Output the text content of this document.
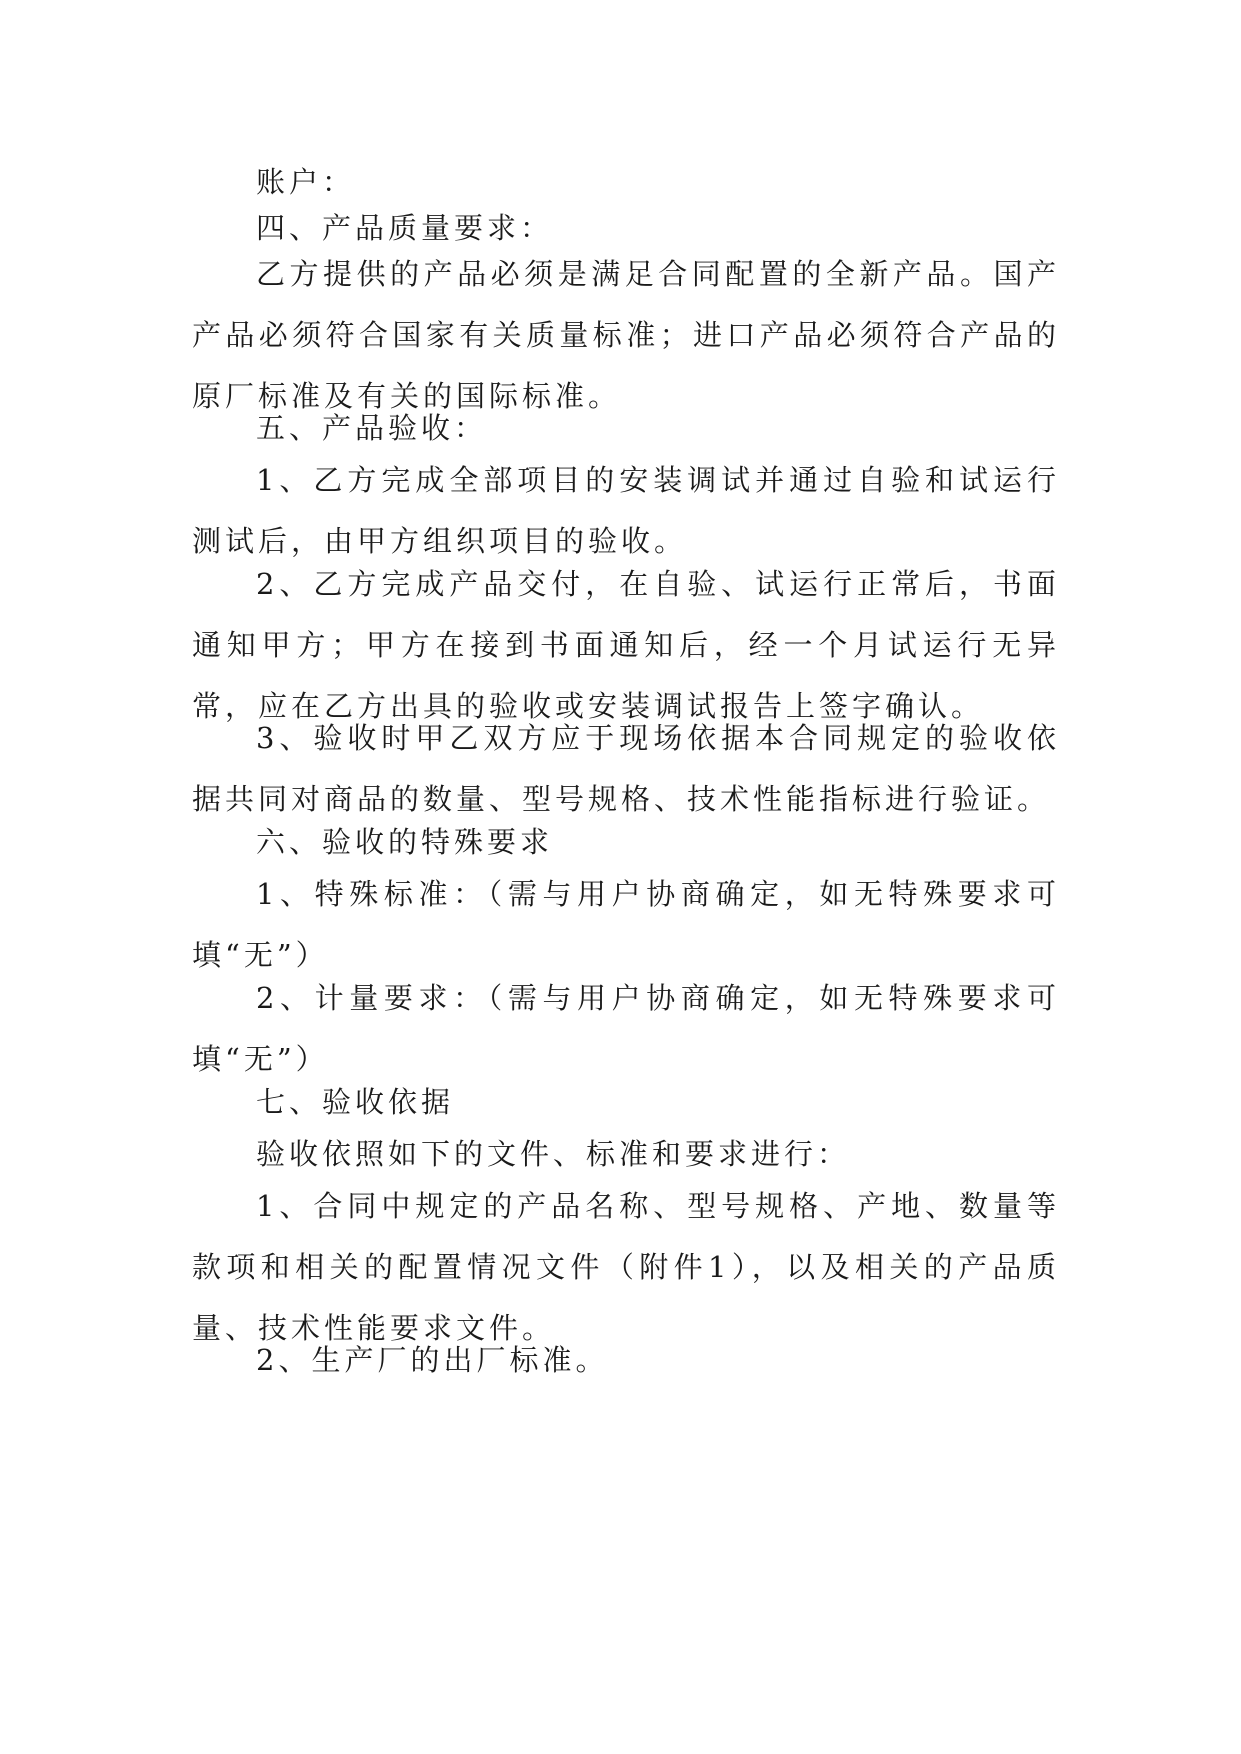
账户：

四、产品质量要求：

乙方提供的产品必须是满足合同配置的全新产品。国产产品必须符合国家有关质量标准；进口产品必须符合产品的原厂标准及有关的国际标准。

五、产品验收：

1、乙方完成全部项目的安装调试并通过自验和试运行测试后，由甲方组织项目的验收。

2、乙方完成产品交付，在自验、试运行正常后，书面通知甲方；甲方在接到书面通知后，经一个月试运行无异常，应在乙方出具的验收或安装调试报告上签字确认。

3、验收时甲乙双方应于现场依据本合同规定的验收依据共同对商品的数量、型号规格、技术性能指标进行验证。

六、验收的特殊要求

1、特殊标准：（需与用户协商确定，如无特殊要求可填“无”）

2、计量要求：（需与用户协商确定，如无特殊要求可填“无”）

七、验收依据

验收依照如下的文件、标准和要求进行：

1、合同中规定的产品名称、型号规格、产地、数量等款项和相关的配置情况文件（附件1），以及相关的产品质量、技术性能要求文件。

2、生产厂的出厂标准。
